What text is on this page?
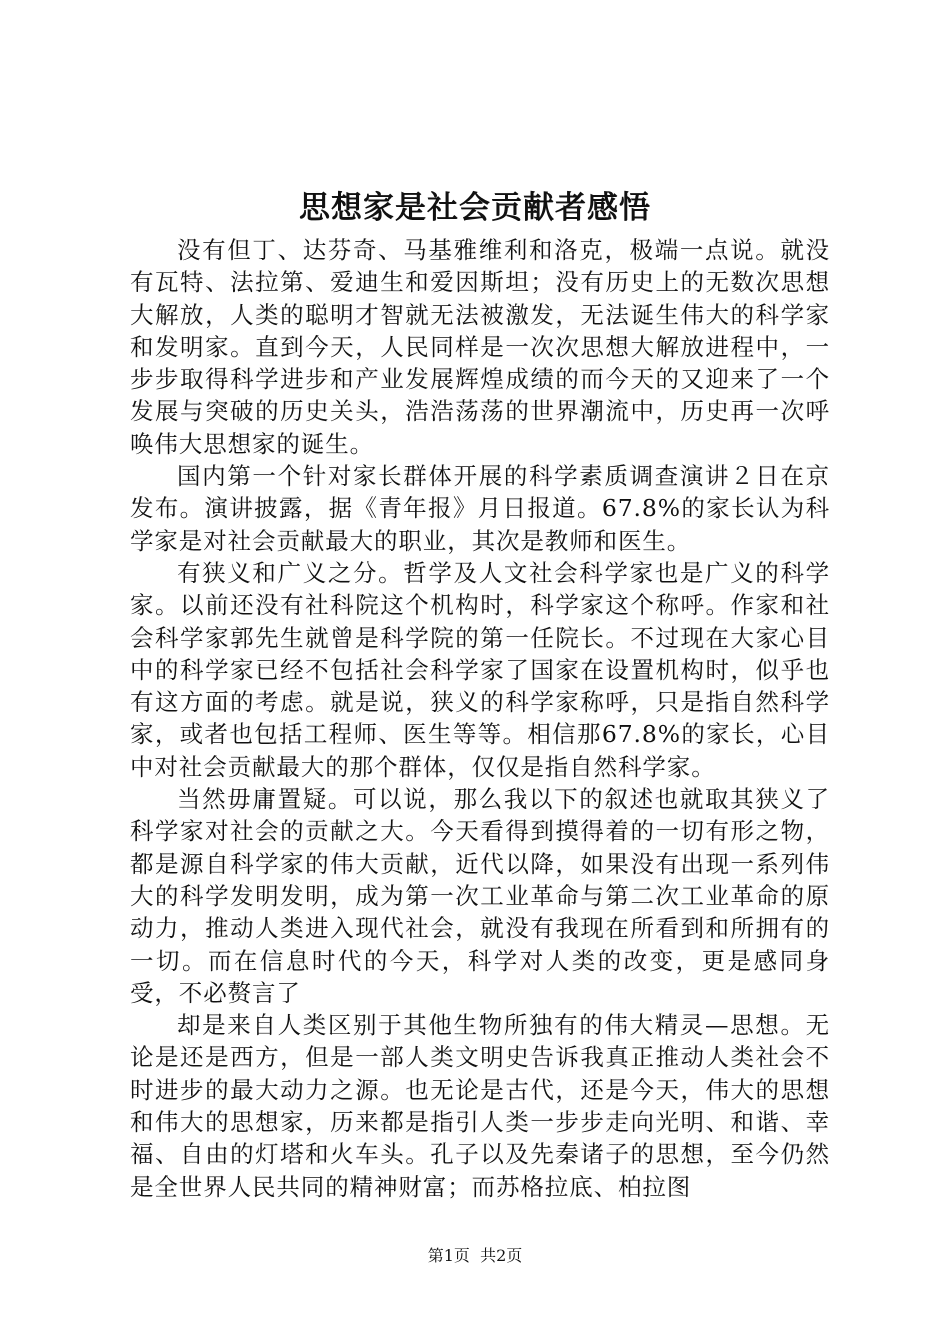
思想家是社会贡献者感悟

没有但丁、达芬奇、马基雅维利和洛克，极端一点说。就没有瓦特、法拉第、爱迪生和爱因斯坦；没有历史上的无数次思想大解放，人类的聪明才智就无法被激发，无法诞生伟大的科学家和发明家。直到今天，人民同样是一次次思想大解放进程中，一步步取得科学进步和产业发展辉煌成绩的而今天的又迎来了一个发展与突破的历史关头，浩浩荡荡的世界潮流中，历史再一次呼唤伟大思想家的诞生。

国内第一个针对家长群体开展的科学素质调查演讲２日在京发布。演讲披露，据《青年报》月日报道。67.8%的家长认为科学家是对社会贡献最大的职业，其次是教师和医生。

有狭义和广义之分。哲学及人文社会科学家也是广义的科学家。以前还没有社科院这个机构时，科学家这个称呼。作家和社会科学家郭先生就曾是科学院的第一任院长。不过现在大家心目中的科学家已经不包括社会科学家了国家在设置机构时，似乎也有这方面的考虑。就是说，狭义的科学家称呼，只是指自然科学家，或者也包括工程师、医生等等。相信那67.8%的家长，心目中对社会贡献最大的那个群体，仅仅是指自然科学家。

当然毋庸置疑。可以说，那么我以下的叙述也就取其狭义了科学家对社会的贡献之大。今天看得到摸得着的一切有形之物，都是源自科学家的伟大贡献，近代以降，如果没有出现一系列伟大的科学发明发明，成为第一次工业革命与第二次工业革命的原动力，推动人类进入现代社会，就没有我现在所看到和所拥有的一切。而在信息时代的今天，科学对人类的改变，更是感同身受，不必赘言了

却是来自人类区别于其他生物所独有的伟大精灵—思想。无论是还是西方，但是一部人类文明史告诉我真正推动人类社会不时进步的最大动力之源。也无论是古代，还是今天，伟大的思想和伟大的思想家，历来都是指引人类一步步走向光明、和谐、幸福、自由的灯塔和火车头。孔子以及先秦诸子的思想，至今仍然是全世界人民共同的精神财富；而苏格拉底、柏拉图

第1页  共2页
